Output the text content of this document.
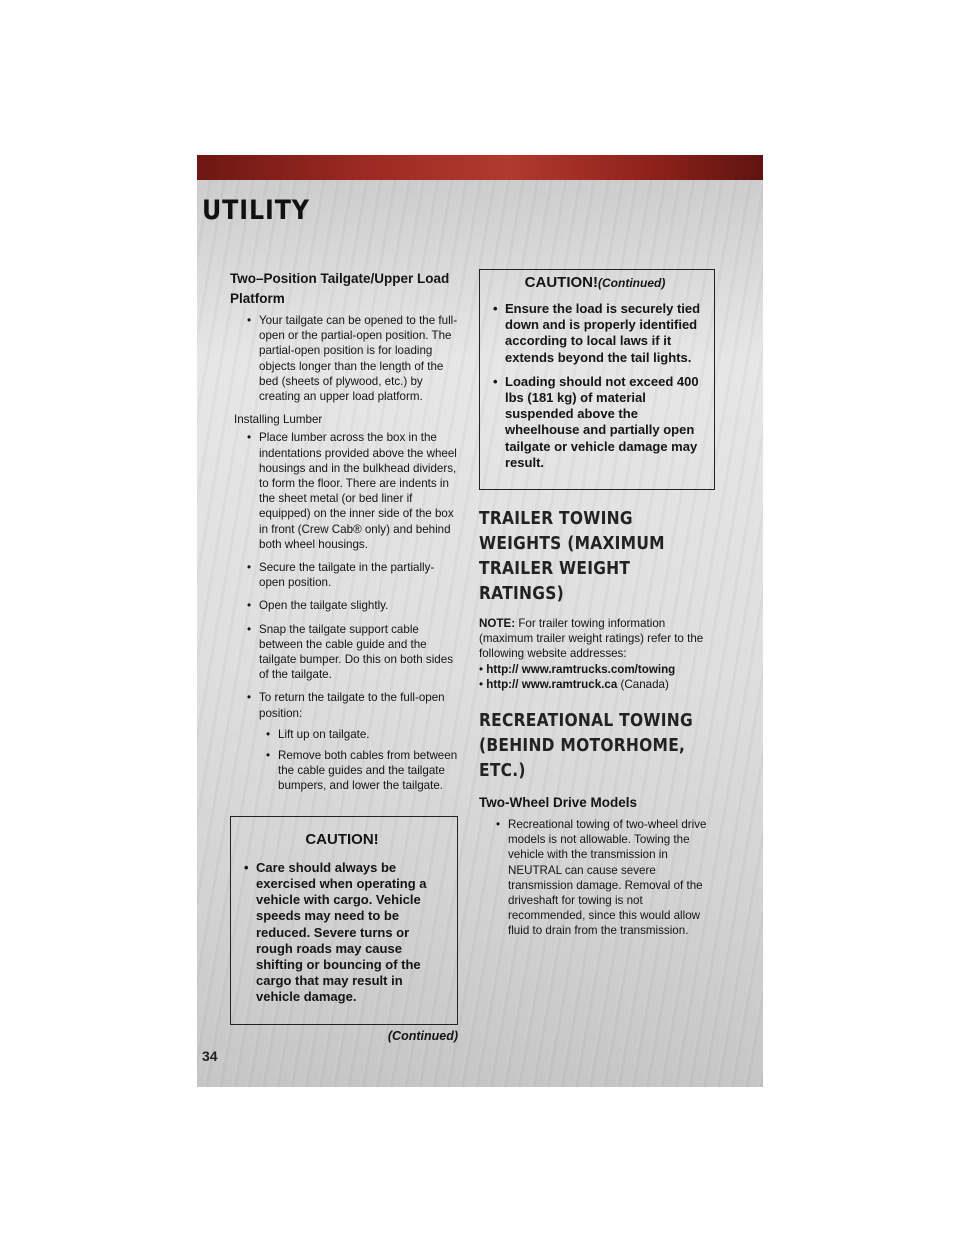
UTILITY
Two–Position Tailgate/Upper Load Platform
• Your tailgate can be opened to the full-open or the partial-open position. The partial-open position is for loading objects longer than the length of the bed (sheets of plywood, etc.) by creating an upper load platform.
Installing Lumber
• Place lumber across the box in the indentations provided above the wheel housings and in the bulkhead dividers, to form the floor. There are indents in the sheet metal (or bed liner if equipped) on the inner side of the box in front (Crew Cab® only) and behind both wheel housings.
• Secure the tailgate in the partially-open position.
• Open the tailgate slightly.
• Snap the tailgate support cable between the cable guide and the tailgate bumper. Do this on both sides of the tailgate.
• To return the tailgate to the full-open position:
• Lift up on tailgate.
• Remove both cables from between the cable guides and the tailgate bumpers, and lower the tailgate.
CAUTION!
• Care should always be exercised when operating a vehicle with cargo. Vehicle speeds may need to be reduced. Severe turns or rough roads may cause shifting or bouncing of the cargo that may result in vehicle damage.
(Continued)
CAUTION!(Continued)
• Ensure the load is securely tied down and is properly identified according to local laws if it extends beyond the tail lights.
• Loading should not exceed 400 lbs (181 kg) of material suspended above the wheelhouse and partially open tailgate or vehicle damage may result.
TRAILER TOWING WEIGHTS (MAXIMUM TRAILER WEIGHT RATINGS)

NOTE: For trailer towing information (maximum trailer weight ratings) refer to the following website addresses:

• http:// www.ramtrucks.com/towing
• http:// www.ramtruck.ca (Canada)
RECREATIONAL TOWING (BEHIND MOTORHOME, ETC.)
Two-Wheel Drive Models
• Recreational towing of two-wheel drive models is not allowable. Towing the vehicle with the transmission in NEUTRAL can cause severe transmission damage. Removal of the driveshaft for towing is not recommended, since this would allow fluid to drain from the transmission.
34
